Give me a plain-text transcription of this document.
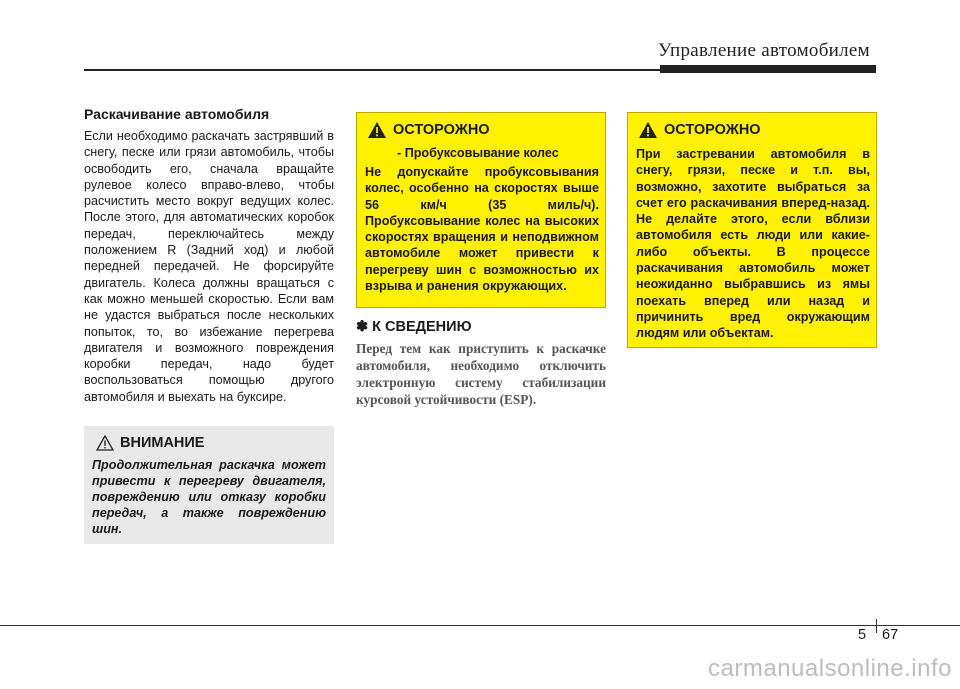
Управление автомобилем
Раскачивание автомобиля
Если необходимо раскачать застрявший в снегу, песке или грязи автомобиль, чтобы освободить его, сначала вращайте рулевое колесо вправо-влево, чтобы расчистить место вокруг ведущих колес. После этого, для автоматических коробок передач, переключайтесь между положением R (Задний ход) и любой передней передачей. Не форсируйте двигатель. Колеса должны вращаться с как можно меньшей скоростью. Если вам не удастся выбраться после нескольких попыток, то, во избежание перегрева двигателя и возможного повреждения коробки передач, надо будет воспользоваться помощью другого автомобиля и выехать на буксире.
ВНИМАНИЕ
Продолжительная раскачка может привести к перегреву двигателя, повреждению или отказу коробки передач, а также повреждению шин.
ОСТОРОЖНО
- Пробуксовывание колес
Не допускайте пробуксовывания колес, особенно на скоростях выше 56 км/ч (35 миль/ч). Пробуксовывание колес на высоких скоростях вращения и неподвижном автомобиле может привести к перегреву шин с возможностью их взрыва и ранения окружающих.
✽ К СВЕДЕНИЮ
Перед тем как приступить к раскачке автомобиля, необходимо отключить электронную систему стабилизации курсовой устойчивости (ESP).
ОСТОРОЖНО
При застревании автомобиля в снегу, грязи, песке и т.п. вы, возможно, захотите выбраться за счет его раскачивания вперед-назад. Не делайте этого, если вблизи автомобиля есть люди или какие-либо объекты. В процессе раскачивания автомобиль может неожиданно выбравшись из ямы поехать вперед или назад и причинить вред окружающим людям или объектам.
5 67
carmanualsonline.info
